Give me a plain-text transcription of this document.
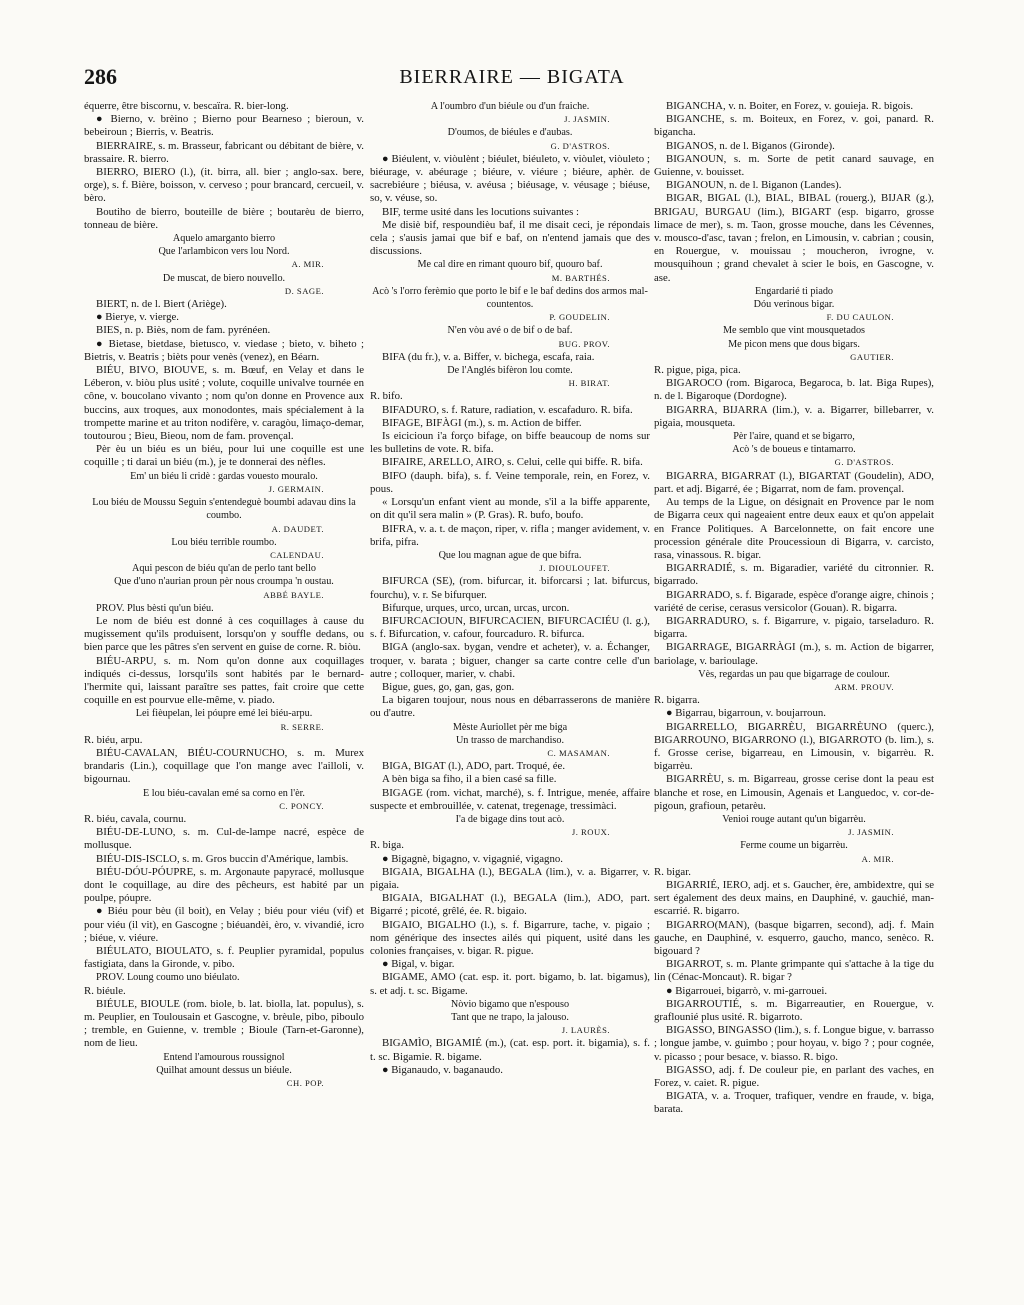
286	BIERRAIRE — BIGATA

équerre, être biscornu, v. bescaïra. R. bier-long.

● Bierno, v. brèino ; Bierno pour Bearneso ; bieroun, v. bebeiroun ; Bierris, v. Beatris.

BIERRAIRE, s. m. Brasseur, fabricant ou débitant de bière, v. brassaire. R. bierro.

BIERRO, BIERO (l.), (it. birra, all. bier ; anglo-sax. bere, orge), s. f. Bière, boisson, v. cerveso ; pour brancard, cercueil, v. bèro.

Boutiho de bierro, bouteille de bière ; boutarèu de bierro, tonneau de bière.

Aquelo amarganto bierro

Que l'arlambicon vers lou Nord.

A. MIR.

De muscat, de biero nouvello.

D. SAGE.

BIERT, n. de l. Biert (Ariège).

● Bierye, v. vierge.

BIES, n. p. Biès, nom de fam. pyrénéen.

● Bietase, bietdase, bietusco, v. viedase ; bieto, v. biheto ; Bietris, v. Beatris ; bièts pour venès (venez), en Béarn.

BIÉU, BIVO, BIOUVE, s. m. Bœuf, en Velay et dans le Léberon, v. biòu plus usité ; volute, coquille univalve tournée en cône, v. boucolano vivanto ; nom qu'on donne en Provence aux buccins, aux troques, aux monodontes, mais spécialement à la trompette marine et au triton nodifère, v. caragòu, limaço-demar, toutourou ; Bieu, Bieou, nom de fam. provençal.

Pèr èu un biéu es un biéu, pour lui une coquille est une coquille ; ti darai un biéu (m.), je te donnerai des nèfles.

Em' un biéu li cridè : gardas vouesto mouralo.

J. GERMAIN.

Lou biéu de Moussu Seguin s'entendeguè boumbi adavau dins la coumbo.

A. DAUDET.

Lou biéu terrible roumbo.

CALENDAU.

Aqui pescon de biéu qu'an de perlo tant bello

Que d'uno n'aurian proun pèr nous croumpa 'n oustau.

ABBÉ BAYLE.

PROV. Plus bèsti qu'un biéu.

Le nom de biéu est donné à ces coquillages à cause du mugissement qu'ils produisent, lorsqu'on y souffle dedans, ou bien parce que les pâtres s'en servent en guise de corne. R. biòu.

BIÉU-ARPU, s. m. Nom qu'on donne aux coquillages indiqués ci-dessus, lorsqu'ils sont habités par le bernard-l'hermite qui, laissant paraître ses pattes, fait croire que cette coquille en est pourvue elle-même, v. piado.

Lei fièupelan, lei póupre emé lei biéu-arpu.

R. SERRE.

R. biéu, arpu.

BIÉU-CAVALAN, BIÉU-COURNUCHO, s. m. Murex brandaris (Lin.), coquillage que l'on mange avec l'ailloli, v. bigournau.

E lou biéu-cavalan emé sa corno en l'èr.

C. PONCY.

R. biéu, cavala, cournu.

BIÉU-DE-LUNO, s. m. Cul-de-lampe nacré, espèce de mollusque.

BIÉU-DIS-ISCLO, s. m. Gros buccin d'Amérique, lambis.

BIÉU-DÓU-PÓUPRE, s. m. Argonaute papyracé, mollusque dont le coquillage, au dire des pêcheurs, est habité par un poulpe, póupre.

● Biéu pour bèu (il boit), en Velay ; biéu pour viéu (vif) et pour viéu (il vit), en Gascogne ; biéuandèi, èro, v. vivandié, icro ; biéue, v. viéure.

BIÉULATO, BIOULATO, s. f. Peuplier pyramidal, populus fastigiata, dans la Gironde, v. pibo.

PROV. Loung coumo uno biéulato.

R. biéule.

BIÉULE, BIOULE (rom. biole, b. lat. biolla, lat. populus), s. m. Peuplier, en Toulousain et Gascogne, v. brèule, pibo, piboulo ; tremble, en Guienne, v. tremble ; Bioule (Tarn-et-Garonne), nom de lieu.

Entend l'amourous roussignol

Quilhat amount dessus un biéule.

CH. POP.

A l'oumbro d'un biéule ou d'un fraiche.

J. JASMIN.

D'oumos, de biéules e d'aubas.

G. D'ASTROS.

● Biéulent, v. viòulènt ; biéulet, biéuleto, v. viòulet, viòuleto ; biéurage, v. abéurage ; biéure, v. viéure ; biéure, aphèr. de sacrebiéure ; biéusa, v. avéusa ; biéusage, v. véusage ; biéuse, so, v. véuse, so.

BIF, terme usité dans les locutions suivantes :

Me disiè bif, respoundièu baf, il me disait ceci, je répondais cela ; s'ausis jamai que bif e baf, on n'entend jamais que des discussions.

Me cal dire en rimant quouro bif, quouro baf.

M. BARTHÉS.

Acò 's l'orro ferèmio que porto le bif e le baf dedins dos armos mal-countentos.

P. GOUDELIN.

N'en vòu avé o de bif o de baf.

BUG. PROV.

BIFA (du fr.), v. a. Biffer, v. bichega, escafa, raia.

De l'Anglés bifèron lou comte.

H. BIRAT.

R. bifo.

BIFADURO, s. f. Rature, radiation, v. escafaduro. R. bifa.

BIFAGE, BIFÀGI (m.), s. m. Action de biffer.

Is eicicioun i'a forço bifage, on biffe beaucoup de noms sur les bulletins de vote. R. bifa.

BIFAIRE, ARELLO, AIRO, s. Celui, celle qui biffe. R. bifa.

BIFO (dauph. bifa), s. f. Veine temporale, rein, en Forez, v. pous.

« Lorsqu'un enfant vient au monde, s'il a la biffe apparente, on dit qu'il sera malin » (P. Gras). R. bufo, boufo.

BIFRA, v. a. t. de maçon, riper, v. rifla ; manger avidement, v. brifa, pifra.

Que lou magnan ague de que bifra.

J. DIOULOUFET.

BIFURCA (SE), (rom. bifurcar, it. biforcarsi ; lat. bifurcus, fourchu), v. r. Se bifurquer.

Bifurque, urques, urco, urcan, urcas, urcon.

BIFURCACIOUN, BIFURCACIEN, BIFURCACIÉU (l. g.), s. f. Bifurcation, v. cafour, fourcaduro. R. bifurca.

BIGA (anglo-sax. bygan, vendre et acheter), v. a. Échanger, troquer, v. barata ; biguer, changer sa carte contre celle d'un autre ; colloquer, marier, v. chabi.

Bigue, gues, go, gan, gas, gon.

La bigaren toujour, nous nous en débarrasserons de manière ou d'autre.

Mèste Auriollet pèr me biga

Un trasso de marchandiso.

C. MASAMAN.

BIGA, BIGAT (l.), ADO, part. Troqué, ée.

A bèn biga sa fiho, il a bien casé sa fille.

BIGAGE (rom. vichat, marché), s. f. Intrigue, menée, affaire suspecte et embrouillée, v. catenat, tregenage, tressimàci.

I'a de bigage dins tout acò.

J. ROUX.

R. biga.

● Bigagnè, bigagno, v. vigagnié, vigagno.

BIGAIA, BIGALHA (l.), BEGALA (lim.), v. a. Bigarrer, v. pigaia.

BIGAIA, BIGALHAT (l.), BEGALA (lim.), ADO, part. Bigarré ; picoté, grêlé, ée. R. bigaio.

BIGAIO, BIGALHO (l.), s. f. Bigarrure, tache, v. pigaio ; nom générique des insectes ailés qui piquent, usité dans les colonies françaises, v. bigar. R. pigue.

● Bigal, v. bigar.

BIGAME, AMO (cat. esp. it. port. bigamo, b. lat. bigamus), s. et adj. t. sc. Bigame.

Nòvio bigamo que n'espouso

Tant que ne trapo, la jalouso.

J. LAURÈS.

BIGAMÌO, BIGAMIÉ (m.), (cat. esp. port. it. bigamia), s. f. t. sc. Bigamie. R. bigame.

● Biganaudo, v. baganaudo.

BIGANCHA, v. n. Boiter, en Forez, v. gouieja. R. bigois.

BIGANCHE, s. m. Boiteux, en Forez, v. goi, panard. R. bigancha.

BIGANOS, n. de l. Biganos (Gironde).

BIGANOUN, s. m. Sorte de petit canard sauvage, en Guienne, v. bouisset.

BIGANOUN, n. de l. Biganon (Landes).

BIGAR, BIGAL (l.), BIAL, BIBAL (rouerg.), BIJAR (g.), BRIGAU, BURGAU (lim.), BIGART (esp. bigarro, grosse limace de mer), s. m. Taon, grosse mouche, dans les Cévennes, v. mousco-d'asc, tavan ; frelon, en Limousin, v. cabrian ; cousin, en Rouergue, v. mouissau ; moucheron, ivrogne, v. mousquihoun ; grand chevalet à scier le bois, en Gascogne, v. ase.

Engardarié ti piado

Dóu verinous bigar.

F. DU CAULON.

Me semblo que vint mousquetados

Me picon mens que dous bigars.

GAUTIER.

R. pigue, piga, pica.

BIGAROCO (rom. Bigaroca, Begaroca, b. lat. Biga Rupes), n. de l. Bigaroque (Dordogne).

BIGARRA, BIJARRA (lim.), v. a. Bigarrer, billebarrer, v. pigaia, mousqueta.

Pèr l'aire, quand et se bigarro,

Acò 's de boueus e tintamarro.

G. D'ASTROS.

BIGARRA, BIGARRAT (l.), BIGARTAT (Goudelin), ADO, part. et adj. Bigarré, ée ; Bigarrat, nom de fam. provençal.

Au temps de la Ligue, on désignait en Provence par le nom de Bigarra ceux qui nageaient entre deux eaux et qu'on appelait en France Politiques. A Barcelonnette, on fait encore une procession générale dite Proucessioun di Bigarra, v. carcisto, rasa, vinassous. R. bigar.

BIGARRADIÉ, s. m. Bigaradier, variété du citronnier. R. bigarrado.

BIGARRADO, s. f. Bigarade, espèce d'orange aigre, chinois ; variété de cerise, cerasus versicolor (Gouan). R. bigarra.

BIGARRADURO, s. f. Bigarrure, v. pigaio, tarseladuro. R. bigarra.

BIGARRAGE, BIGARRÀGI (m.), s. m. Action de bigarrer, bariolage, v. barioulage.

Vès, regardas un pau que bigarrage de coulour.

ARM. PROUV.

R. bigarra.

● Bigarrau, bigarroun, v. boujarroun.

BIGARRELLO, BIGARRÈU, BIGARRÈUNO (querc.), BIGARROUNO, BIGARRONO (l.), BIGARROTO (b. lim.), s. f. Grosse cerise, bigarreau, en Limousin, v. bigarrèu. R. bigarrèu.

BIGARRÈU, s. m. Bigarreau, grosse cerise dont la peau est blanche et rose, en Limousin, Agenais et Languedoc, v. cor-de-pigoun, grafioun, petarèu.

Venioi rouge autant qu'un bigarrèu.

J. JASMIN.

Ferme coume un bigarrèu.

A. MIR.

R. bigar.

BIGARRIÉ, IERO, adj. et s. Gaucher, ère, ambidextre, qui se sert également des deux mains, en Dauphiné, v. gauchié, man-escarrié. R. bigarro.

BIGARRO(MAN), (basque bigarren, second), adj. f. Main gauche, en Dauphiné, v. esquerro, gaucho, manco, senèco. R. bigouard ?

BIGARROT, s. m. Plante grimpante qui s'attache à la tige du lin (Cénac-Moncaut). R. bigar ?

● Bigarrouei, bigarrò, v. mi-garrouei.

BIGARROUTIÉ, s. m. Bigarreautier, en Rouergue, v. graflounié plus usité. R. bigarroto.

BIGASSO, BINGASSO (lim.), s. f. Longue bigue, v. barrasso ; longue jambe, v. guimbo ; pour hoyau, v. bigo ? ; pour cognée, v. picasso ; pour besace, v. biasso. R. bigo.

BIGASSO, adj. f. De couleur pie, en parlant des vaches, en Forez, v. caiet. R. pigue.

BIGATA, v. a. Troquer, trafiquer, vendre en fraude, v. biga, barata.
